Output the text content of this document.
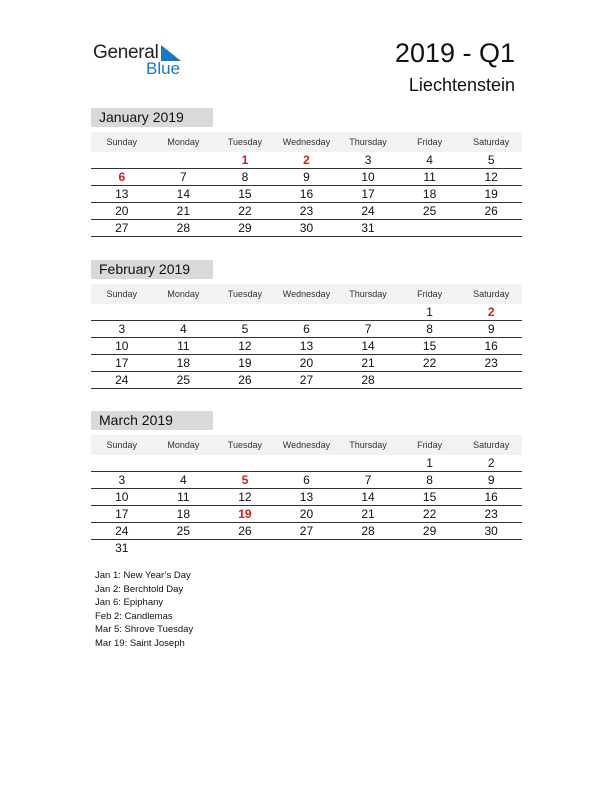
General
Blue
2019 - Q1
Liechtenstein
January 2019
Sunday	Monday	Tuesday	Wednesday	Thursday	Friday	Saturday
		1	2	3	4	5
6	7	8	9	10	11	12
13	14	15	16	17	18	19
20	21	22	23	24	25	26
27	28	29	30	31		
February 2019
Sunday	Monday	Tuesday	Wednesday	Thursday	Friday	Saturday
					1	2
3	4	5	6	7	8	9
10	11	12	13	14	15	16
17	18	19	20	21	22	23
24	25	26	27	28		
March 2019
Sunday	Monday	Tuesday	Wednesday	Thursday	Friday	Saturday
					1	2
3	4	5	6	7	8	9
10	11	12	13	14	15	16
17	18	19	20	21	22	23
24	25	26	27	28	29	30
31						
Jan 1: New Year’s Day
Jan 2: Berchtold Day
Jan 6: Epiphany
Feb 2: Candlemas
Mar 5: Shrove Tuesday
Mar 19: Saint Joseph
